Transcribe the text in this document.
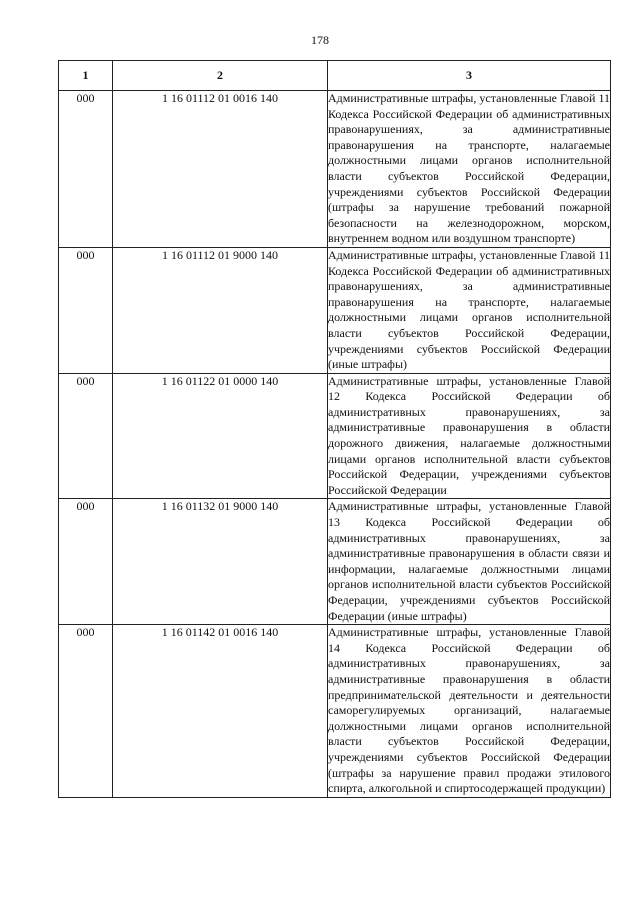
178
1	2	3
000	1 16 01112 01 0016 140	Административные штрафы, установленные Главой 11 Кодекса Российской Федерации об административных правонарушениях, за административные правонарушения на транспорте, налагаемые должностными лицами органов исполнительной власти субъектов Российской Федерации, учреждениями субъектов Российской Федерации (штрафы за нарушение требований пожарной безопасности на железнодорожном, морском, внутреннем водном или воздушном транспорте)
000	1 16 01112 01 9000 140	Административные штрафы, установленные Главой 11 Кодекса Российской Федерации об административных правонарушениях, за административные правонарушения на транспорте, налагаемые должностными лицами органов исполнительной власти субъектов Российской Федерации, учреждениями субъектов Российской Федерации (иные штрафы)
000	1 16 01122 01 0000 140	Административные штрафы, установленные Главой 12 Кодекса Российской Федерации об административных правонарушениях, за административные правонарушения в области дорожного движения, налагаемые должностными лицами органов исполнительной власти субъектов Российской Федерации, учреждениями субъектов Российской Федерации
000	1 16 01132 01 9000 140	Административные штрафы, установленные Главой 13 Кодекса Российской Федерации об административных правонарушениях, за административные правонарушения в области связи и информации, налагаемые должностными лицами органов исполнительной власти субъектов Российской Федерации, учреждениями субъектов Российской Федерации (иные штрафы)
000	1 16 01142 01 0016 140	Административные штрафы, установленные Главой 14 Кодекса Российской Федерации об административных правонарушениях, за административные правонарушения в области предпринимательской деятельности и деятельности саморегулируемых организаций, налагаемые должностными лицами органов исполнительной власти субъектов Российской Федерации, учреждениями субъектов Российской Федерации (штрафы за нарушение правил продажи этилового спирта, алкогольной и спиртосодержащей продукции)
